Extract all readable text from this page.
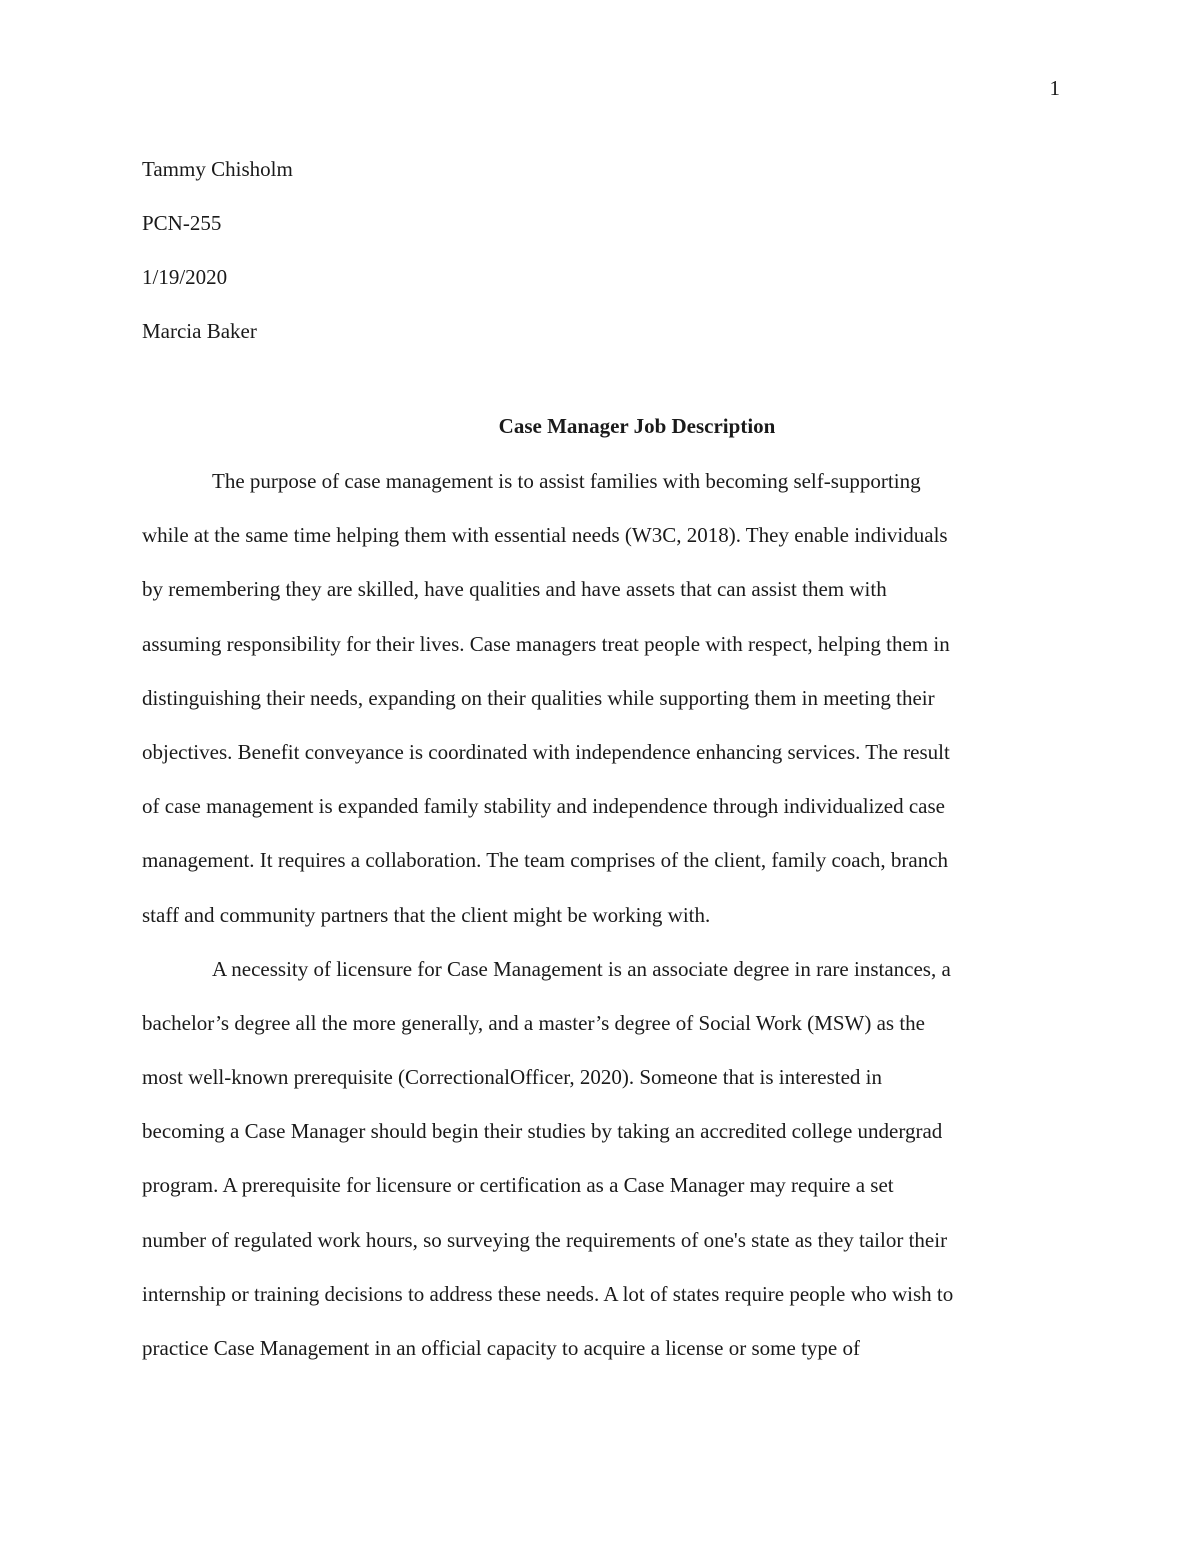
1
Tammy Chisholm
PCN-255
1/19/2020
Marcia Baker
Case Manager Job Description

The purpose of case management is to assist families with becoming self-supporting
while at the same time helping them with essential needs (W3C, 2018). They enable individuals
by remembering they are skilled, have qualities and have assets that can assist them with
assuming responsibility for their lives. Case managers treat people with respect, helping them in
distinguishing their needs, expanding on their qualities while supporting them in meeting their
objectives. Benefit conveyance is coordinated with independence enhancing services. The result
of case management is expanded family stability and independence through individualized case
management. It requires a collaboration. The team comprises of the client, family coach, branch
staff and community partners that the client might be working with.

A necessity of licensure for Case Management is an associate degree in rare instances, a
bachelor’s degree all the more generally, and a master’s degree of Social Work (MSW) as the
most well-known prerequisite (CorrectionalOfficer, 2020). Someone that is interested in
becoming a Case Manager should begin their studies by taking an accredited college undergrad
program. A prerequisite for licensure or certification as a Case Manager may require a set
number of regulated work hours, so surveying the requirements of one's state as they tailor their
internship or training decisions to address these needs. A lot of states require people who wish to
practice Case Management in an official capacity to acquire a license or some type of
